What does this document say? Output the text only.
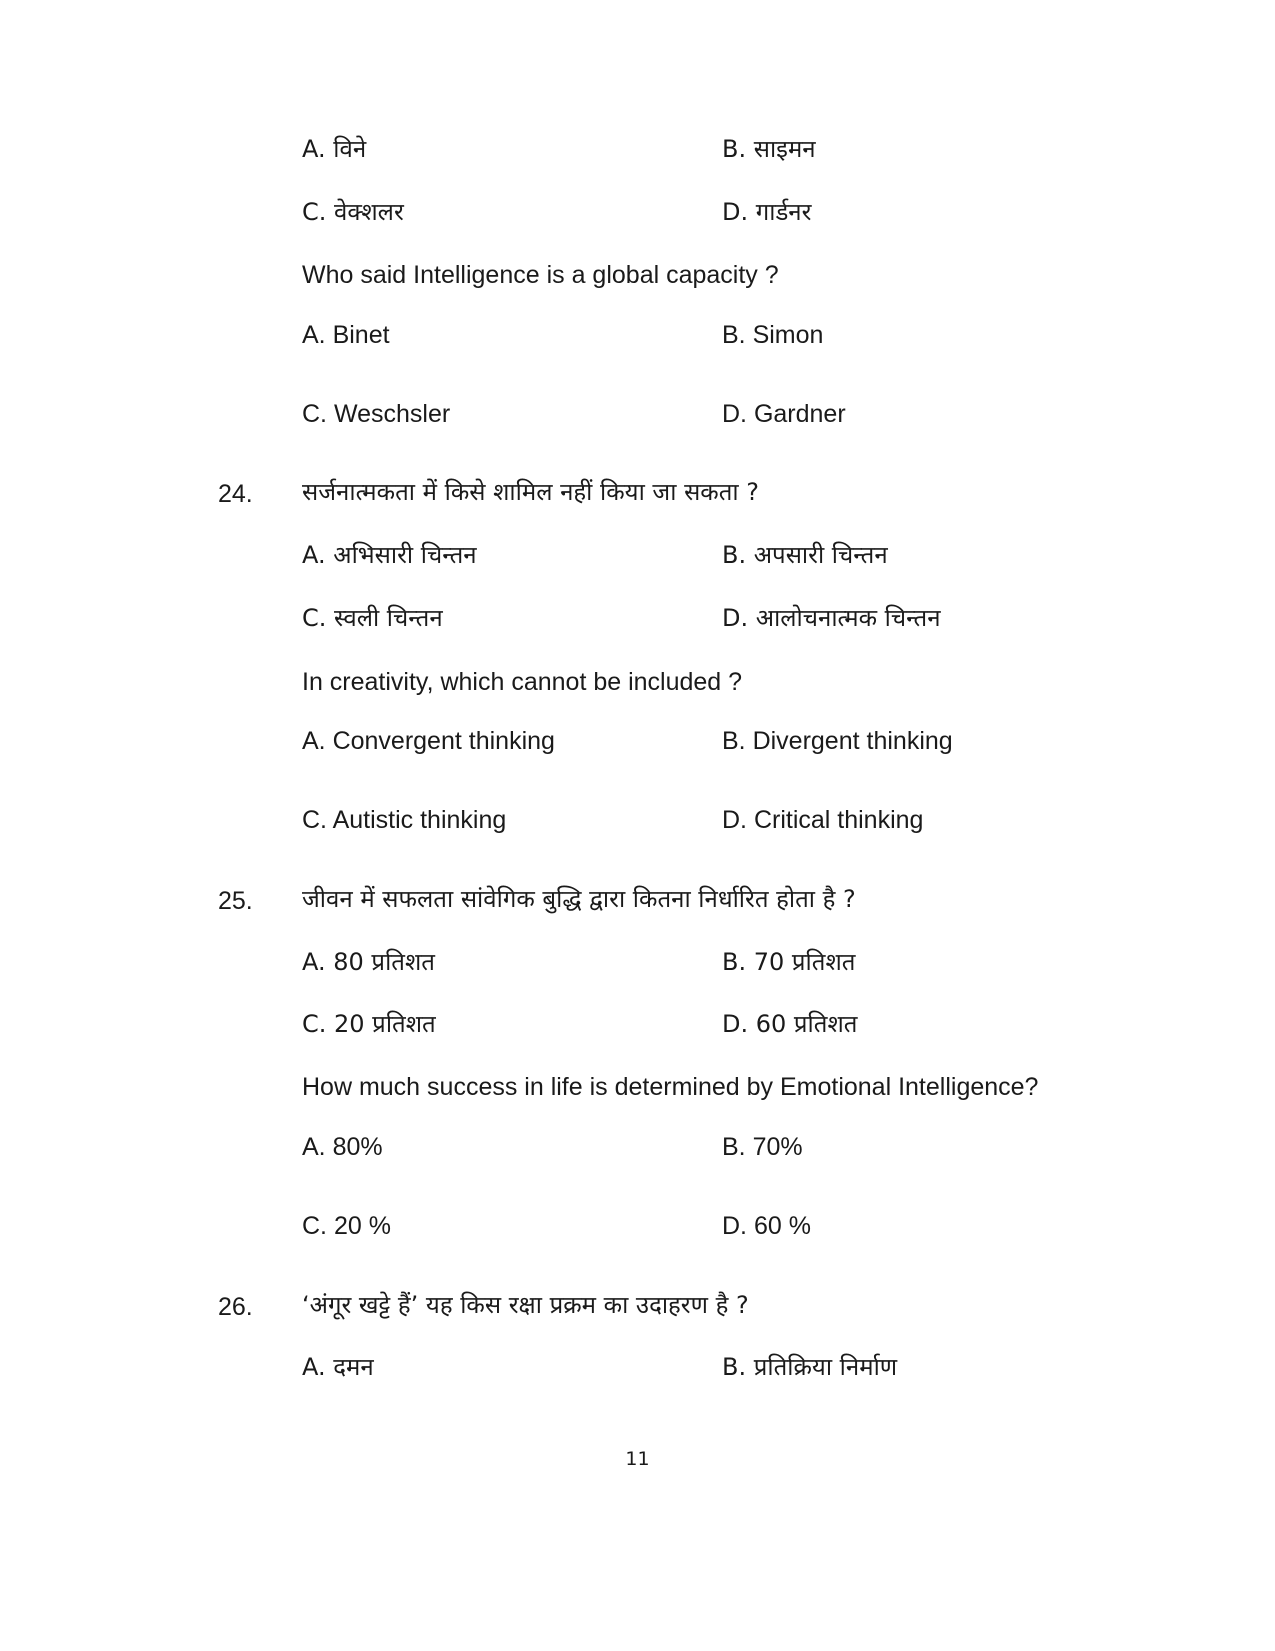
A. विने	B. साइमन
C. वेक्शलर	D. गार्डनर
Who said Intelligence is a global capacity ?
A. Binet	B. Simon
C. Weschsler	D. Gardner
24. सर्जनात्मकता में किसे शामिल नहीं किया जा सकता ?
A. अभिसारी चिन्तन	B. अपसारी चिन्तन
C. स्वली चिन्तन	D. आलोचनात्मक चिन्तन
In creativity, which cannot be included ?
A. Convergent thinking	B. Divergent thinking
C. Autistic thinking	D. Critical thinking
25. जीवन में सफलता सांवेगिक बुद्धि द्वारा कितना निर्धारित होता है ?
A. 80 प्रतिशत	B. 70 प्रतिशत
C. 20 प्रतिशत	D. 60 प्रतिशत
How much success in life is determined by Emotional Intelligence?
A. 80%	B. 70%
C. 20 %	D. 60 %
26. ‘अंगूर खट्टे हैं’ यह किस रक्षा प्रक्रम का उदाहरण है ?
A. दमन	B. प्रतिक्रिया निर्माण
11
